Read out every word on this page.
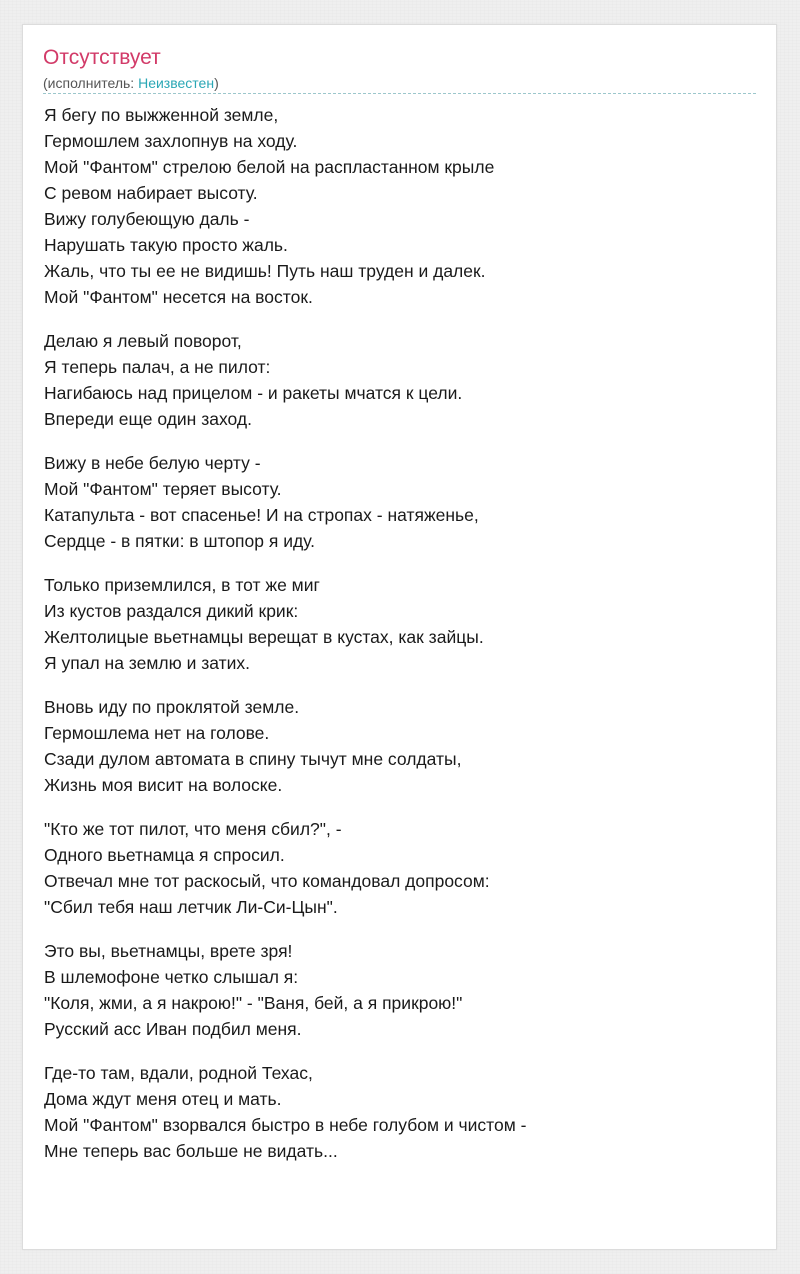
Отсутствует
(исполнитель: Неизвестен)
Я бегу по выжженной земле,
Гермошлем захлопнув на ходу.
Мой "Фантом" стрелою белой на распластанном крыле
С ревом набирает высоту.
Вижу голубеющую даль -
Нарушать такую просто жаль.
Жаль, что ты ее не видишь! Путь наш труден и далек.
Мой "Фантом" несется на восток.
Делаю я левый поворот,
Я теперь палач, а не пилот:
Нагибаюсь над прицелом - и ракеты мчатся к цели.
Впереди еще один заход.
Вижу в небе белую черту -
Мой "Фантом" теряет высоту.
Катапульта - вот спасенье! И на стропах - натяженье,
Сердце - в пятки: в штопор я иду.
Только приземлился, в тот же миг
Из кустов раздался дикий крик:
Желтолицые вьетнамцы верещат в кустах, как зайцы.
Я упал на землю и затих.
Вновь иду по проклятой земле.
Гермошлема нет на голове.
Сзади дулом автомата в спину тычут мне солдаты,
Жизнь моя висит на волоске.
"Кто же тот пилот, что меня сбил?", -
Одного вьетнамца я спросил.
Отвечал мне тот раскосый, что командовал допросом:
"Сбил тебя наш летчик Ли-Си-Цын".
Это вы, вьетнамцы, врете зря!
В шлемофоне четко слышал я:
"Коля, жми, а я накрою!" - "Ваня, бей, а я прикрою!"
Русский асс Иван подбил меня.
Где-то там, вдали, родной Техас,
Дома ждут меня отец и мать.
Мой "Фантом" взорвался быстро в небе голубом и чистом -
Мне теперь вас больше не видать...
